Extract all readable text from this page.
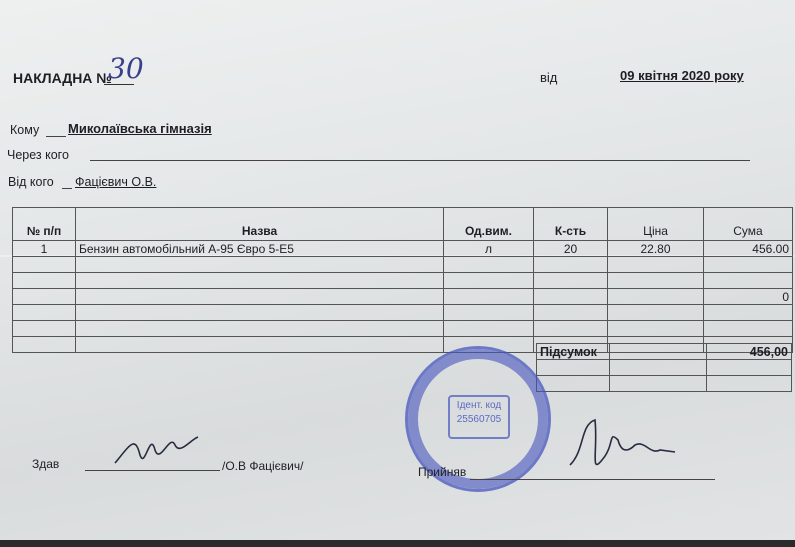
НАКЛАДНА №
30	від	09 квітня 2020 року
Кому Миколаївська гімназія
Через кого
Від кого Фацієвич О.В.
№ п/п	Назва	Од.вим.	К-сть	Ціна	Сума
1	Бензин автомобільний А-95 Євро 5-Е5	л	20	22.80	456.00

					0

Підсумок		456,00

Ідент. код
25560705
Здав	/О.В Фацієвич/	Прийняв
